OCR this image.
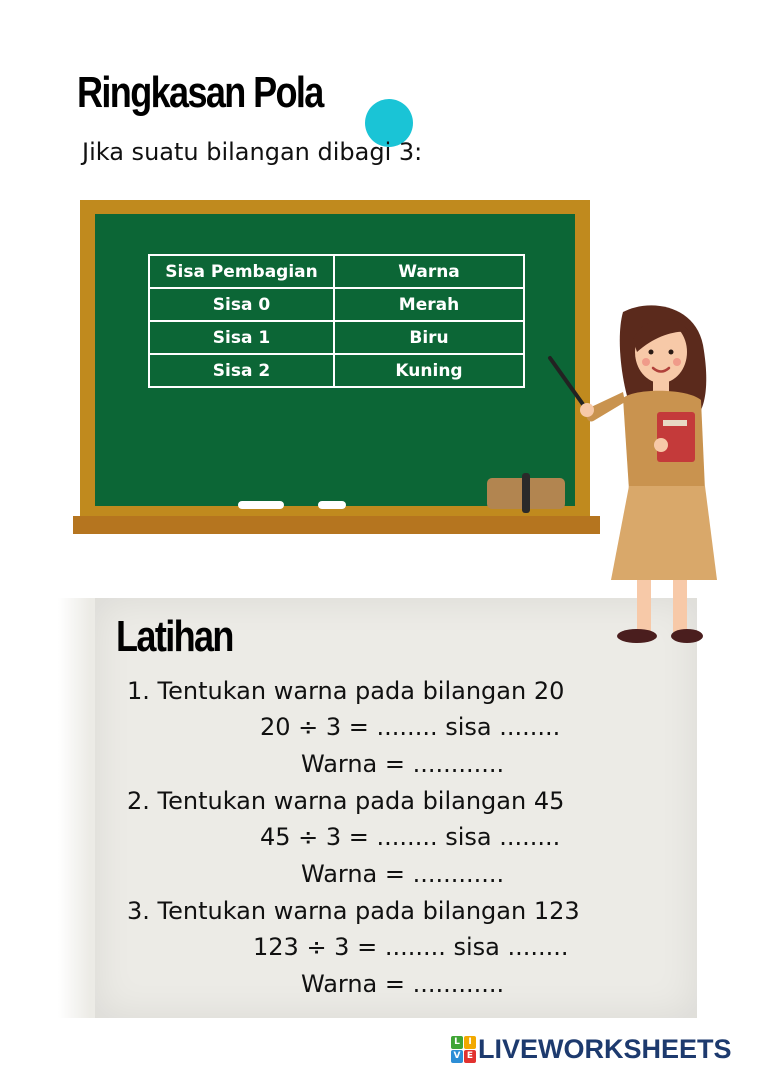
Ringkasan Pola
Jika suatu bilangan dibagi 3:
Sisa Pembagian	Warna
Sisa 0	Merah
Sisa 1	Biru
Sisa 2	Kuning
Latihan
1. Tentukan warna pada bilangan 20
20 ÷ 3 = ........ sisa ........
Warna = ............
2. Tentukan warna pada bilangan 45
45 ÷ 3 = ........ sisa ........
Warna = ............
3. Tentukan warna pada bilangan 123
123 ÷ 3 = ........ sisa ........
Warna = ............
L I
V E LIVEWORKSHEETS
